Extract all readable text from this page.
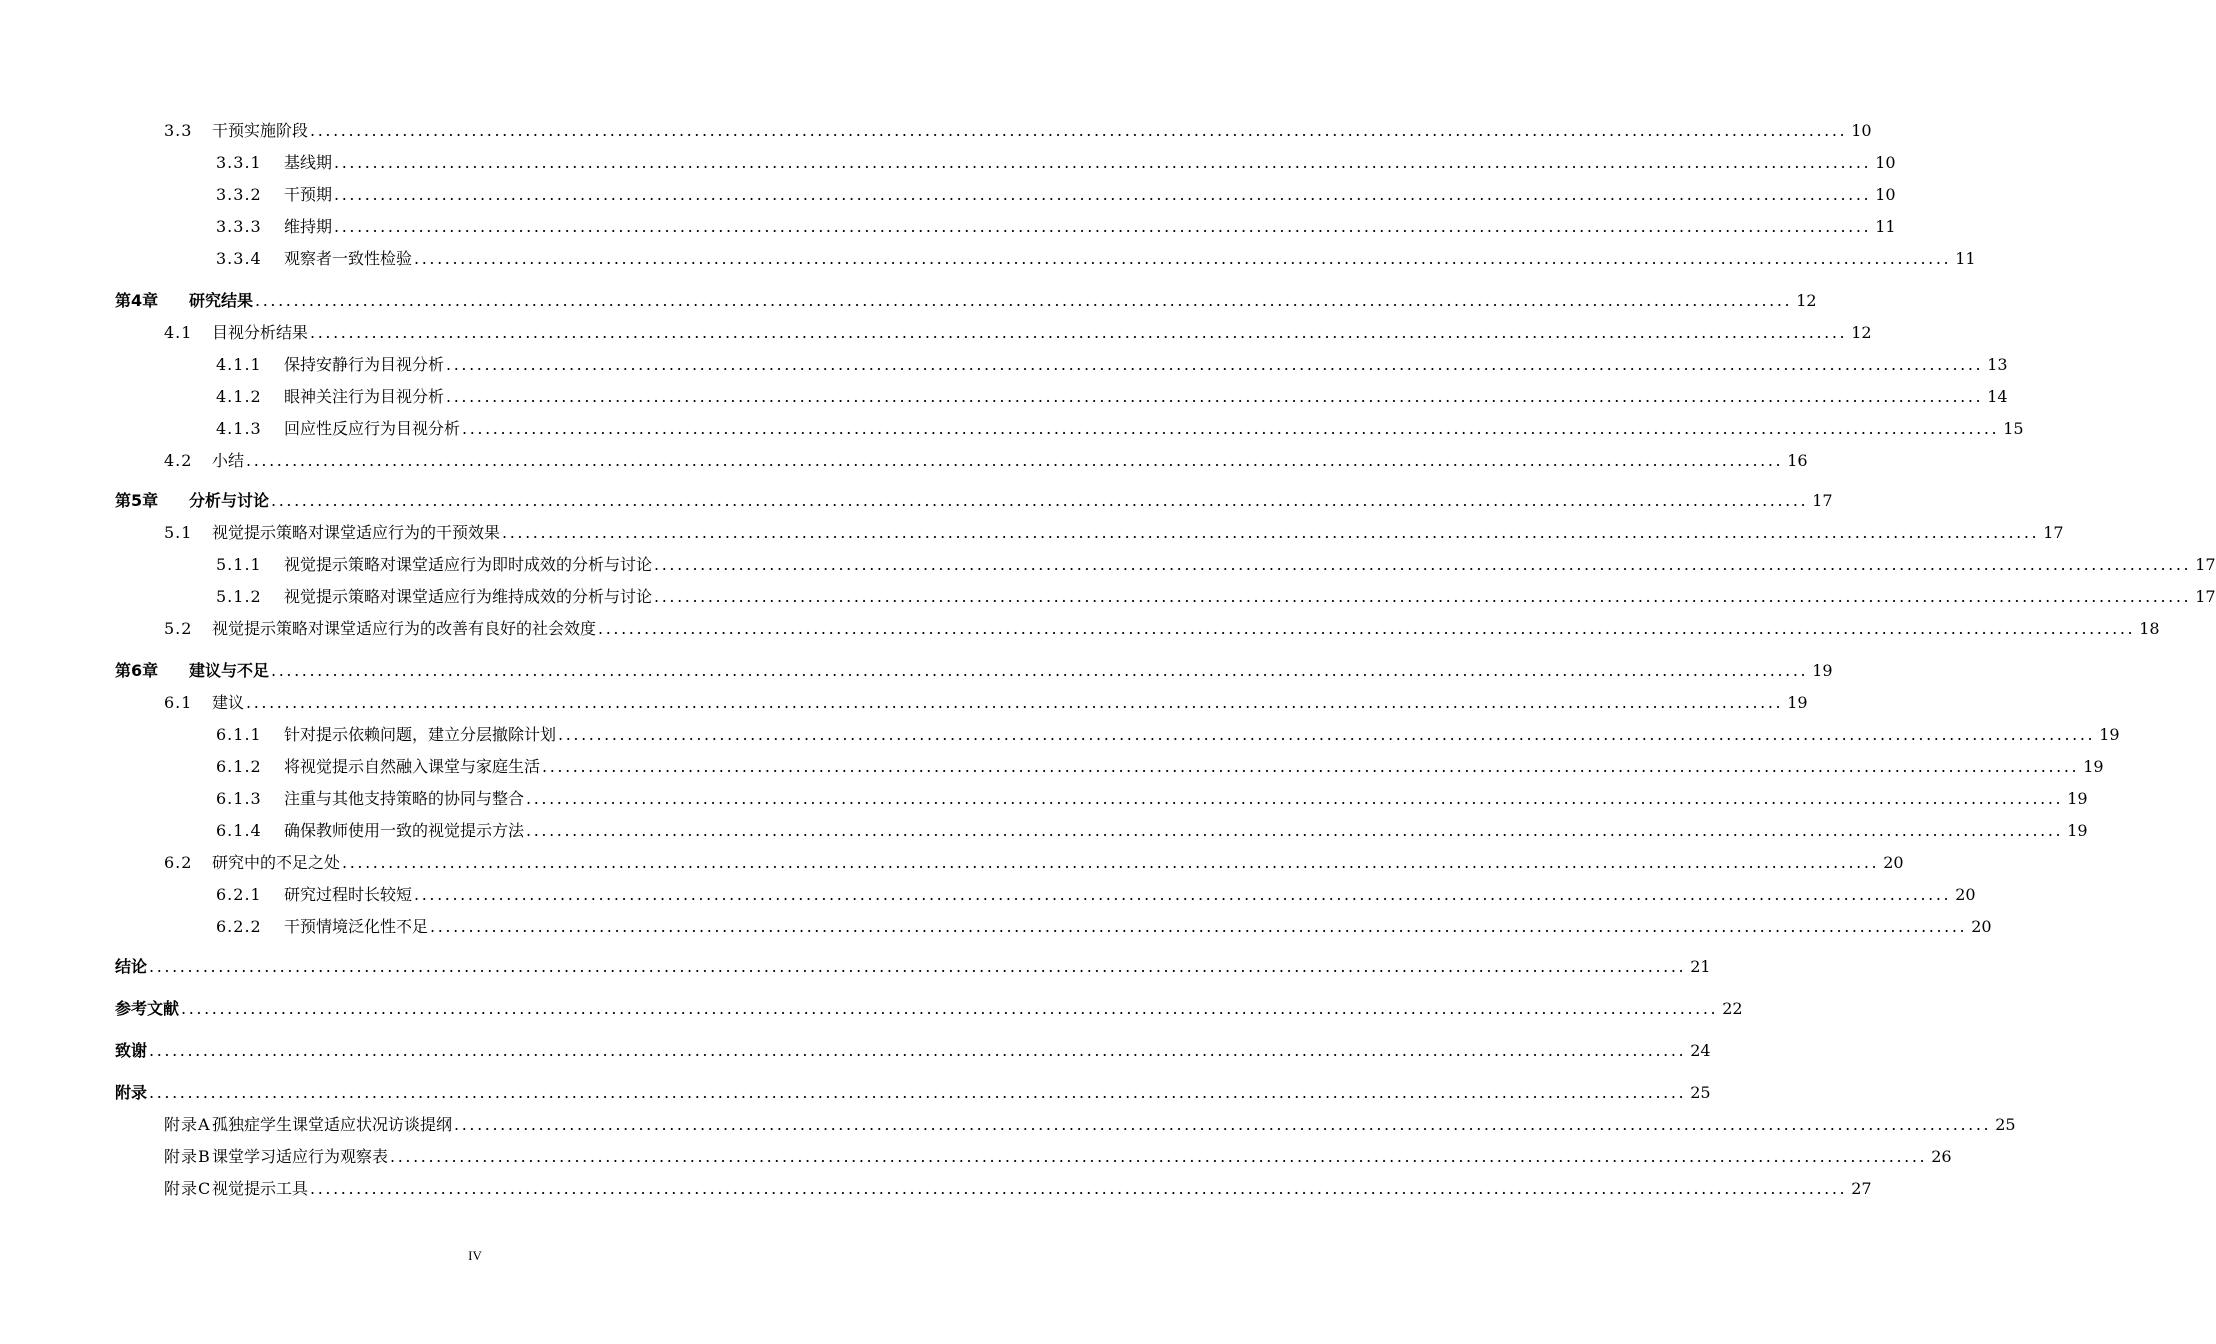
3.3 干预实施阶段 ........................................................................................................................................................................................................ 10
3.3.1 基线期 ........................................................................................................................................................................................................ 10
3.3.2 干预期 ........................................................................................................................................................................................................ 10
3.3.3 维持期 ........................................................................................................................................................................................................ 11
3.3.4 观察者一致性检验 ........................................................................................................................................................................................................ 11
第4章 研究结果 ........................................................................................................................................................................................................ 12
4.1 目视分析结果 ........................................................................................................................................................................................................ 12
4.1.1 保持安静行为目视分析 ........................................................................................................................................................................................................ 13
4.1.2 眼神关注行为目视分析 ........................................................................................................................................................................................................ 14
4.1.3 回应性反应行为目视分析 ........................................................................................................................................................................................................ 15
4.2 小结 ........................................................................................................................................................................................................ 16
第5章 分析与讨论 ........................................................................................................................................................................................................ 17
5.1 视觉提示策略对课堂适应行为的干预效果 ........................................................................................................................................................................................................ 17
5.1.1 视觉提示策略对课堂适应行为即时成效的分析与讨论 ........................................................................................................................................................................................................ 17
5.1.2 视觉提示策略对课堂适应行为维持成效的分析与讨论 ........................................................................................................................................................................................................ 17
5.2 视觉提示策略对课堂适应行为的改善有良好的社会效度 ........................................................................................................................................................................................................ 18
第6章 建议与不足 ........................................................................................................................................................................................................ 19
6.1 建议 ........................................................................................................................................................................................................ 19
6.1.1 针对提示依赖问题，建立分层撤除计划 ........................................................................................................................................................................................................ 19
6.1.2 将视觉提示自然融入课堂与家庭生活 ........................................................................................................................................................................................................ 19
6.1.3 注重与其他支持策略的协同与整合 ........................................................................................................................................................................................................ 19
6.1.4 确保教师使用一致的视觉提示方法 ........................................................................................................................................................................................................ 19
6.2 研究中的不足之处 ........................................................................................................................................................................................................ 20
6.2.1 研究过程时长较短 ........................................................................................................................................................................................................ 20
6.2.2 干预情境泛化性不足 ........................................................................................................................................................................................................ 20
结论 ........................................................................................................................................................................................................ 21
参考文献 ........................................................................................................................................................................................................ 22
致谢 ........................................................................................................................................................................................................ 24
附录 ........................................................................................................................................................................................................ 25
附录A孤独症学生课堂适应状况访谈提纲 ........................................................................................................................................................................................................ 25
附录B课堂学习适应行为观察表 ........................................................................................................................................................................................................ 26
附录C视觉提示工具 ........................................................................................................................................................................................................ 27
IV
